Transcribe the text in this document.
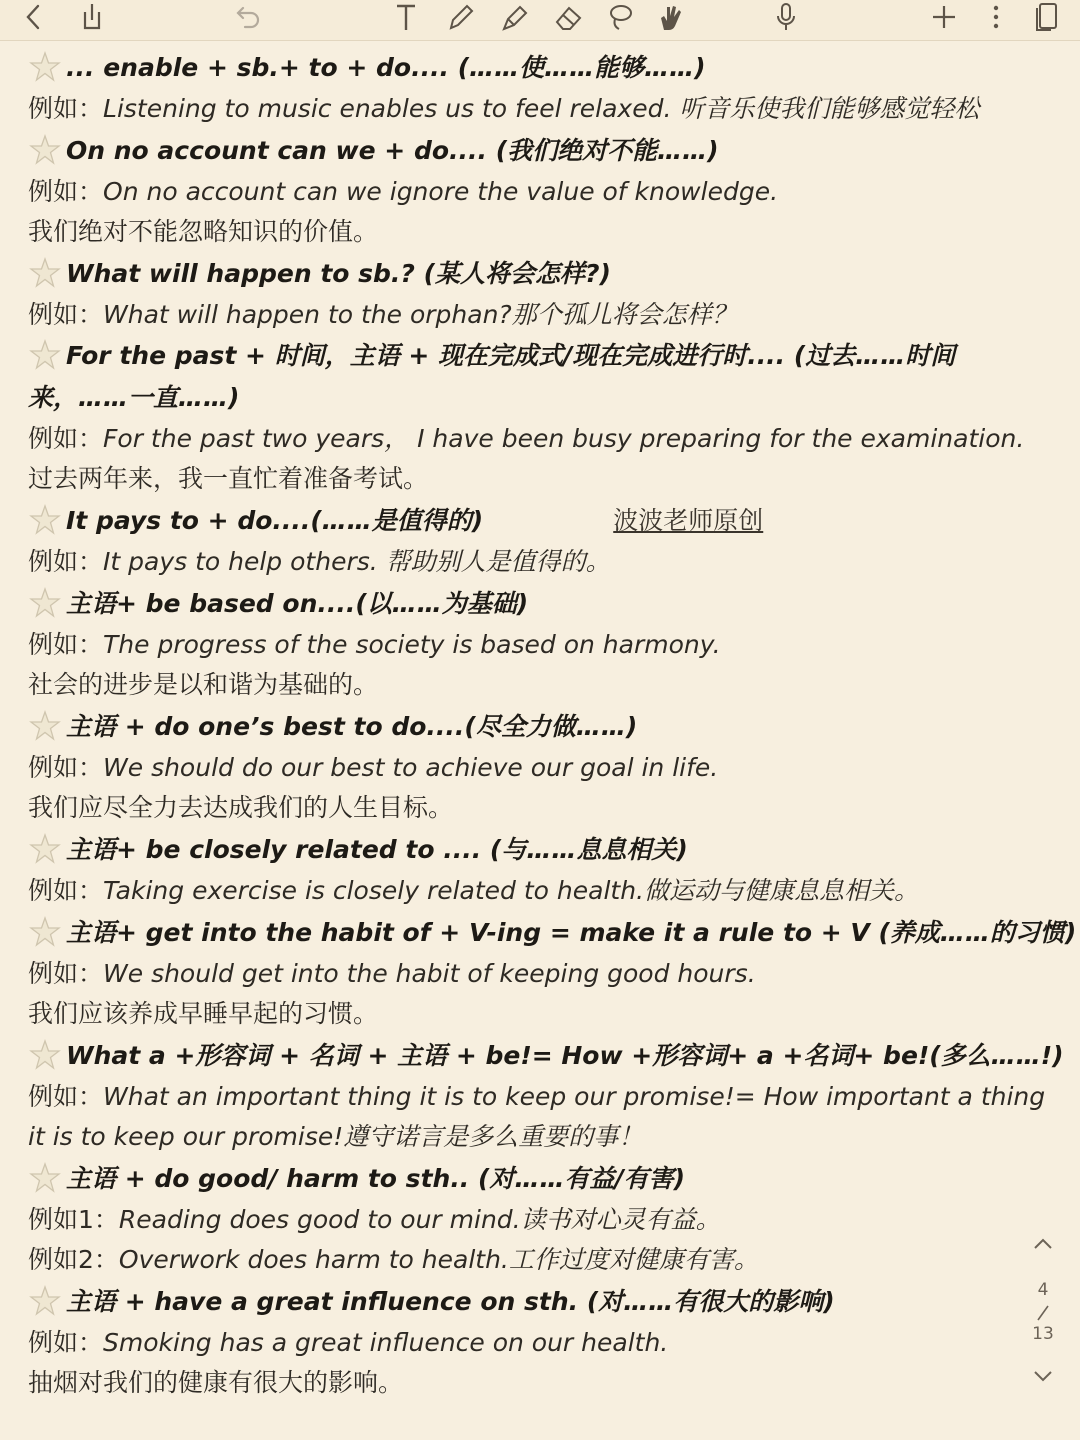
... enable + sb.+ to + do.... (……使……能够……)
例如：Listening to music enables us to feel relaxed. 听音乐使我们能够感觉轻松
On no account can we + do.... (我们绝对不能……)
例如：On no account can we ignore the value of knowledge.
我们绝对不能忽略知识的价值。
What will happen to sb.? (某人将会怎样?)
例如：What will happen to the orphan?那个孤儿将会怎样？
For the past + 时间，主语 + 现在完成式/现在完成进行时.... (过去……时间来，……一直……)
例如：For the past two years， I have been busy preparing for the examination.
过去两年来，我一直忙着准备考试。
It pays to + do....(……是值得的)	波波老师原创
例如：It pays to help others. 帮助别人是值得的。
主语+ be based on....(以……为基础)
例如：The progress of the society is based on harmony.
社会的进步是以和谐为基础的。
主语 + do one’s best to do....(尽全力做……)
例如：We should do our best to achieve our goal in life.
我们应尽全力去达成我们的人生目标。
主语+ be closely related to .... (与……息息相关)
例如：Taking exercise is closely related to health.做运动与健康息息相关。
主语+ get into the habit of + V-ing = make it a rule to + V (养成……的习惯)
例如：We should get into the habit of keeping good hours.
我们应该养成早睡早起的习惯。
What a +形容词 + 名词 + 主语 + be!= How +形容词+ a +名词+ be!(多么……!)
例如：What an important thing it is to keep our promise!= How important a thing
it is to keep our promise!遵守诺言是多么重要的事！
主语 + do good/ harm to sth.. (对……有益/有害)
例如1：Reading does good to our mind.读书对心灵有益。
例如2：Overwork does harm to health.工作过度对健康有害。
主语 + have a great influence on sth. (对……有很大的影响)
例如：Smoking has a great influence on our health.
抽烟对我们的健康有很大的影响。
4
13
